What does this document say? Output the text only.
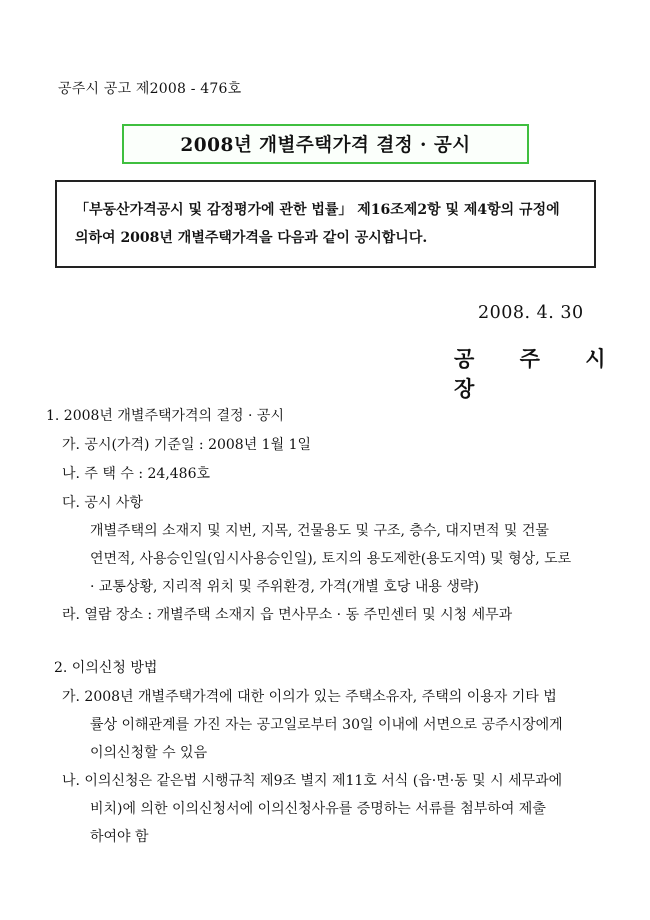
공주시 공고 제2008 - 476호
2008년 개별주택가격 결정 · 공시
「부동산가격공시 및 감정평가에 관한 법률」 제16조제2항 및 제4항의 규정에
의하여 2008년 개별주택가격을 다음과 같이 공시합니다.
2008. 4. 30
공 주 시 장
1. 2008년 개별주택가격의 결정 · 공시
가. 공시(가격) 기준일 : 2008년 1월 1일
나. 주 택 수 : 24,486호
다. 공시 사항
개별주택의 소재지 및 지번, 지목, 건물용도 및 구조, 층수, 대지면적 및 건물
연면적, 사용승인일(임시사용승인일), 토지의 용도제한(용도지역) 및 형상, 도로
· 교통상황, 지리적 위치 및 주위환경, 가격(개별 호당 내용 생략)
라. 열람 장소 : 개별주택 소재지 읍 면사무소 · 동 주민센터 및 시청 세무과
2. 이의신청 방법
가. 2008년 개별주택가격에 대한 이의가 있는 주택소유자, 주택의 이용자 기타 법
률상 이해관계를 가진 자는 공고일로부터 30일 이내에 서면으로 공주시장에게
이의신청할 수 있음
나. 이의신청은 같은법 시행규칙 제9조 별지 제11호 서식 (읍·면·동 및 시 세무과에
비치)에 의한 이의신청서에 이의신청사유를 증명하는 서류를 첨부하여 제출
하여야 함
